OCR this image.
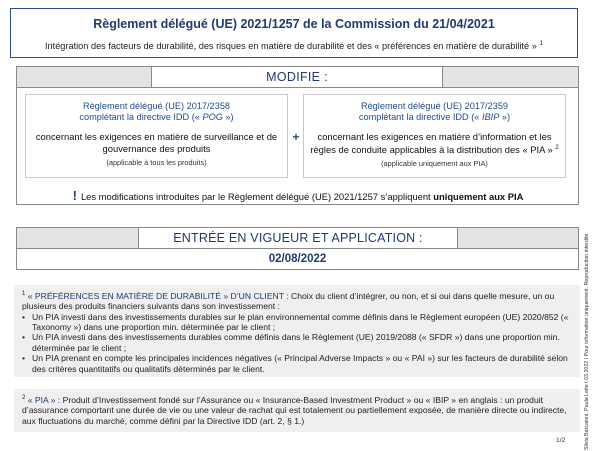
Règlement délégué (UE) 2021/1257 de la Commission du 21/04/2021
Intégration des facteurs de durabilité, des risques en matière de durabilité et des « préférences en matière de durabilité » $^1$
MODIFIE :
Règlement délégué (UE) 2017/2358
complétant la directive IDD (« POG »)
concernant les exigences en matière de surveillance et de gouvernance des produits
(applicable à tous les produits)
+
Règlement délégué (UE) 2017/2359
complétant la directive IDD (« IBIP »)
concernant les exigences en matière d’information et les règles de conduite applicables à la distribution des « PIA » $^2$
(applicable uniquement aux PIA)
! Les modifications introduites par le Règlement délégué (UE) 2021/1257 s’appliquent uniquement aux PIA
ENTRÉE EN VIGUEUR ET APPLICATION :
02/08/2022
$^1$ « PRÉFÉRENCES EN MATIÈRE DE DURABILITÉ » D’UN CLIENT : Choix du client d’intégrer, ou non, et si oui dans quelle mesure, un ou plusieurs des produits financiers suivants dans son investissement :
• Un PIA investi dans des investissements durables sur le plan environnemental comme définis dans le Règlement européen (UE) 2020/852 (« Taxonomy ») dans une proportion min. déterminée par le client ;
• Un PIA investi dans des investissements durables comme définis dans le Règlement (UE) 2019/2088 (« SFDR ») dans une proportion min. déterminée par le client ;
• Un PIA prenant en compte les principales incidences négatives (« Principal Adverse Impacts » ou « PAI ») sur les facteurs de durabilité selon des critères quantitatifs ou qualitatifs déterminés par le client.
$^2$ « PIA » : Produit d’Investissement fondé sur l’Assurance ou « Insurance-Based Investment Product » ou « IBIP » en anglais : un produit d’assurance comportant une durée de vie ou une valeur de rachat qui est totalement ou partiellement exposée, de manière directe ou indirecte, aux fluctuations du marché, comme défini par la Directive IDD (art. 2, § 1.)	Silvia Barcaioni, Paula Leite I 03 2022 I Pour information uniquement. Reproduction interdite
1/2
